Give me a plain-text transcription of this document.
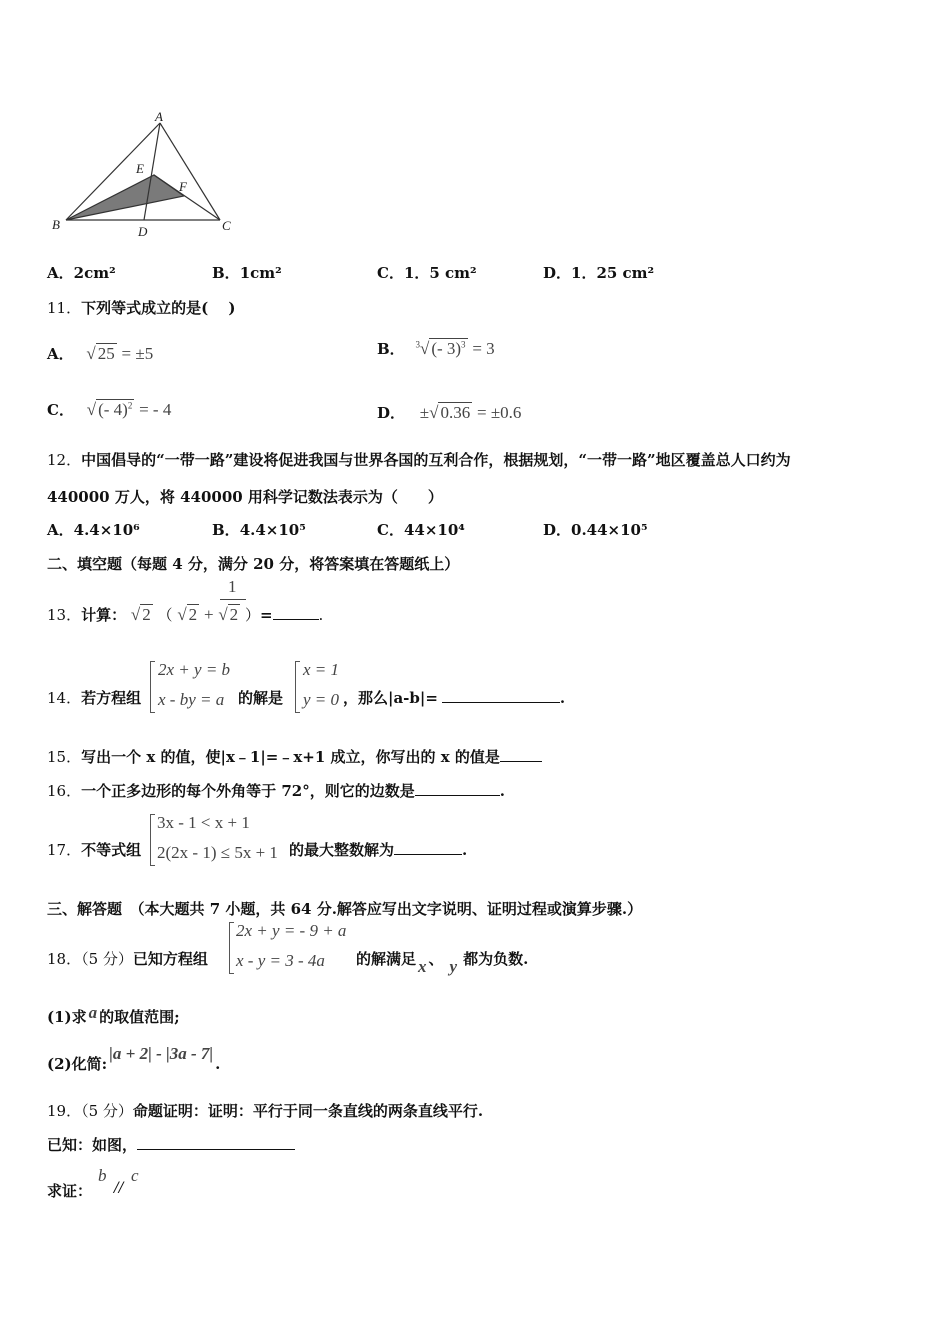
A
E
F
B	D	C
A．2cm²	B．1cm²	C．1．5 cm²	D．1．25 cm²
11．下列等式成立的是(　 )
A． √ 25 = ±5	B． $^3$√ (- 3)$^3$ = 3
C． √ (- 4)$^2$ = - 4	D． ±√ 0.36 = ±0.6
12．中国倡导的“一带一路”建设将促进我国与世界各国的互利合作，根据规划，“一带一路”地区覆盖总人口约为
440000 万人，将 440000 用科学记数法表示为（　　）
A．4.4×10⁶	B．4.4×10⁵	C．44×10⁴	D．0.44×10⁵
二、填空题（每题 4 分，满分 20 分，将答案填在答题纸上）
13．计算： √ 2 （ √ 2 + √ 2 ）=	.
1
14．若方程组
2x + y = b
x - by = a 的解是
x = 1
y = 0 ，那么|a-b|=	.
15．写出一个 x 的值，使|x﹣1|=﹣x+1 成立，你写出的 x 的值是
16．一个正多边形的每个外角等于 72°，则它的边数是	.
17．不等式组
3x - 1 < x + 1
2(2x - 1) ≤ 5x + 1 的最大整数解为	.
三、解答题　（本大题共 7 小题，共 64 分.解答应写出文字说明、证明过程或演算步骤.）
18．（5 分）已知方程组
2x + y = - 9 + a
x - y = 3 - 4a 的解满足 x 、 y 都为负数.
(1)求 a 的取值范围;
(2)化简:|a + 2| - |3a - 7|.
19．（5 分）命题证明：证明：平行于同一条直线的两条直线平行.
已知：如图，
求证：
b
//
c
